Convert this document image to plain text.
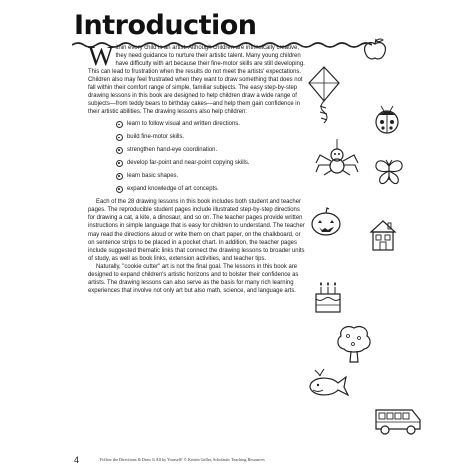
Introduction

Within every child is an artist. Although children are intrinsically creative, they need guidance to nurture their artistic talent. Many young children have difficulty with art because their fine-motor skills are still developing. This can lead to frustration when the results do not meet the artists' expectations. Children also may feel frustrated when they want to draw something that does not fall within their comfort range of simple, familiar subjects. The easy step-by-step drawing lessons in this book are designed to help children draw a wide range of subjects—from teddy bears to birthday cakes—and help them gain confidence in their artistic abilities. The drawing lessons also help children:

learn to follow visual and written directions.
build fine-motor skills.
strengthen hand-eye coordination.
develop far-point and near-point copying skills.
learn basic shapes.
expand knowledge of art concepts.

Each of the 28 drawing lessons in this book includes both student and teacher pages. The reproducible student pages include illustrated step-by-step directions for drawing a cat, a kite, a dinosaur, and so on. The teacher pages provide written instructions in simple language that is easy for children to understand. The teacher may read the directions aloud or write them on chart paper, on the chalkboard, or on sentence strips to be placed in a pocket chart. In addition, the teacher pages include suggested thematic links that connect the drawing lessons to broader units of study, as well as book links, extension activities, and teacher tips.

Naturally, "cookie cutter" art is not the final goal. The lessons in this book are designed to expand children's artistic horizons and to bolster their confidence as artists. The drawing lessons can also serve as the basis for many rich learning experiences that involve not only art but also math, science, and language arts.

4	Follow the Directions & Draw It All by Yourself! © Kristin Geller, Scholastic Teaching Resources
